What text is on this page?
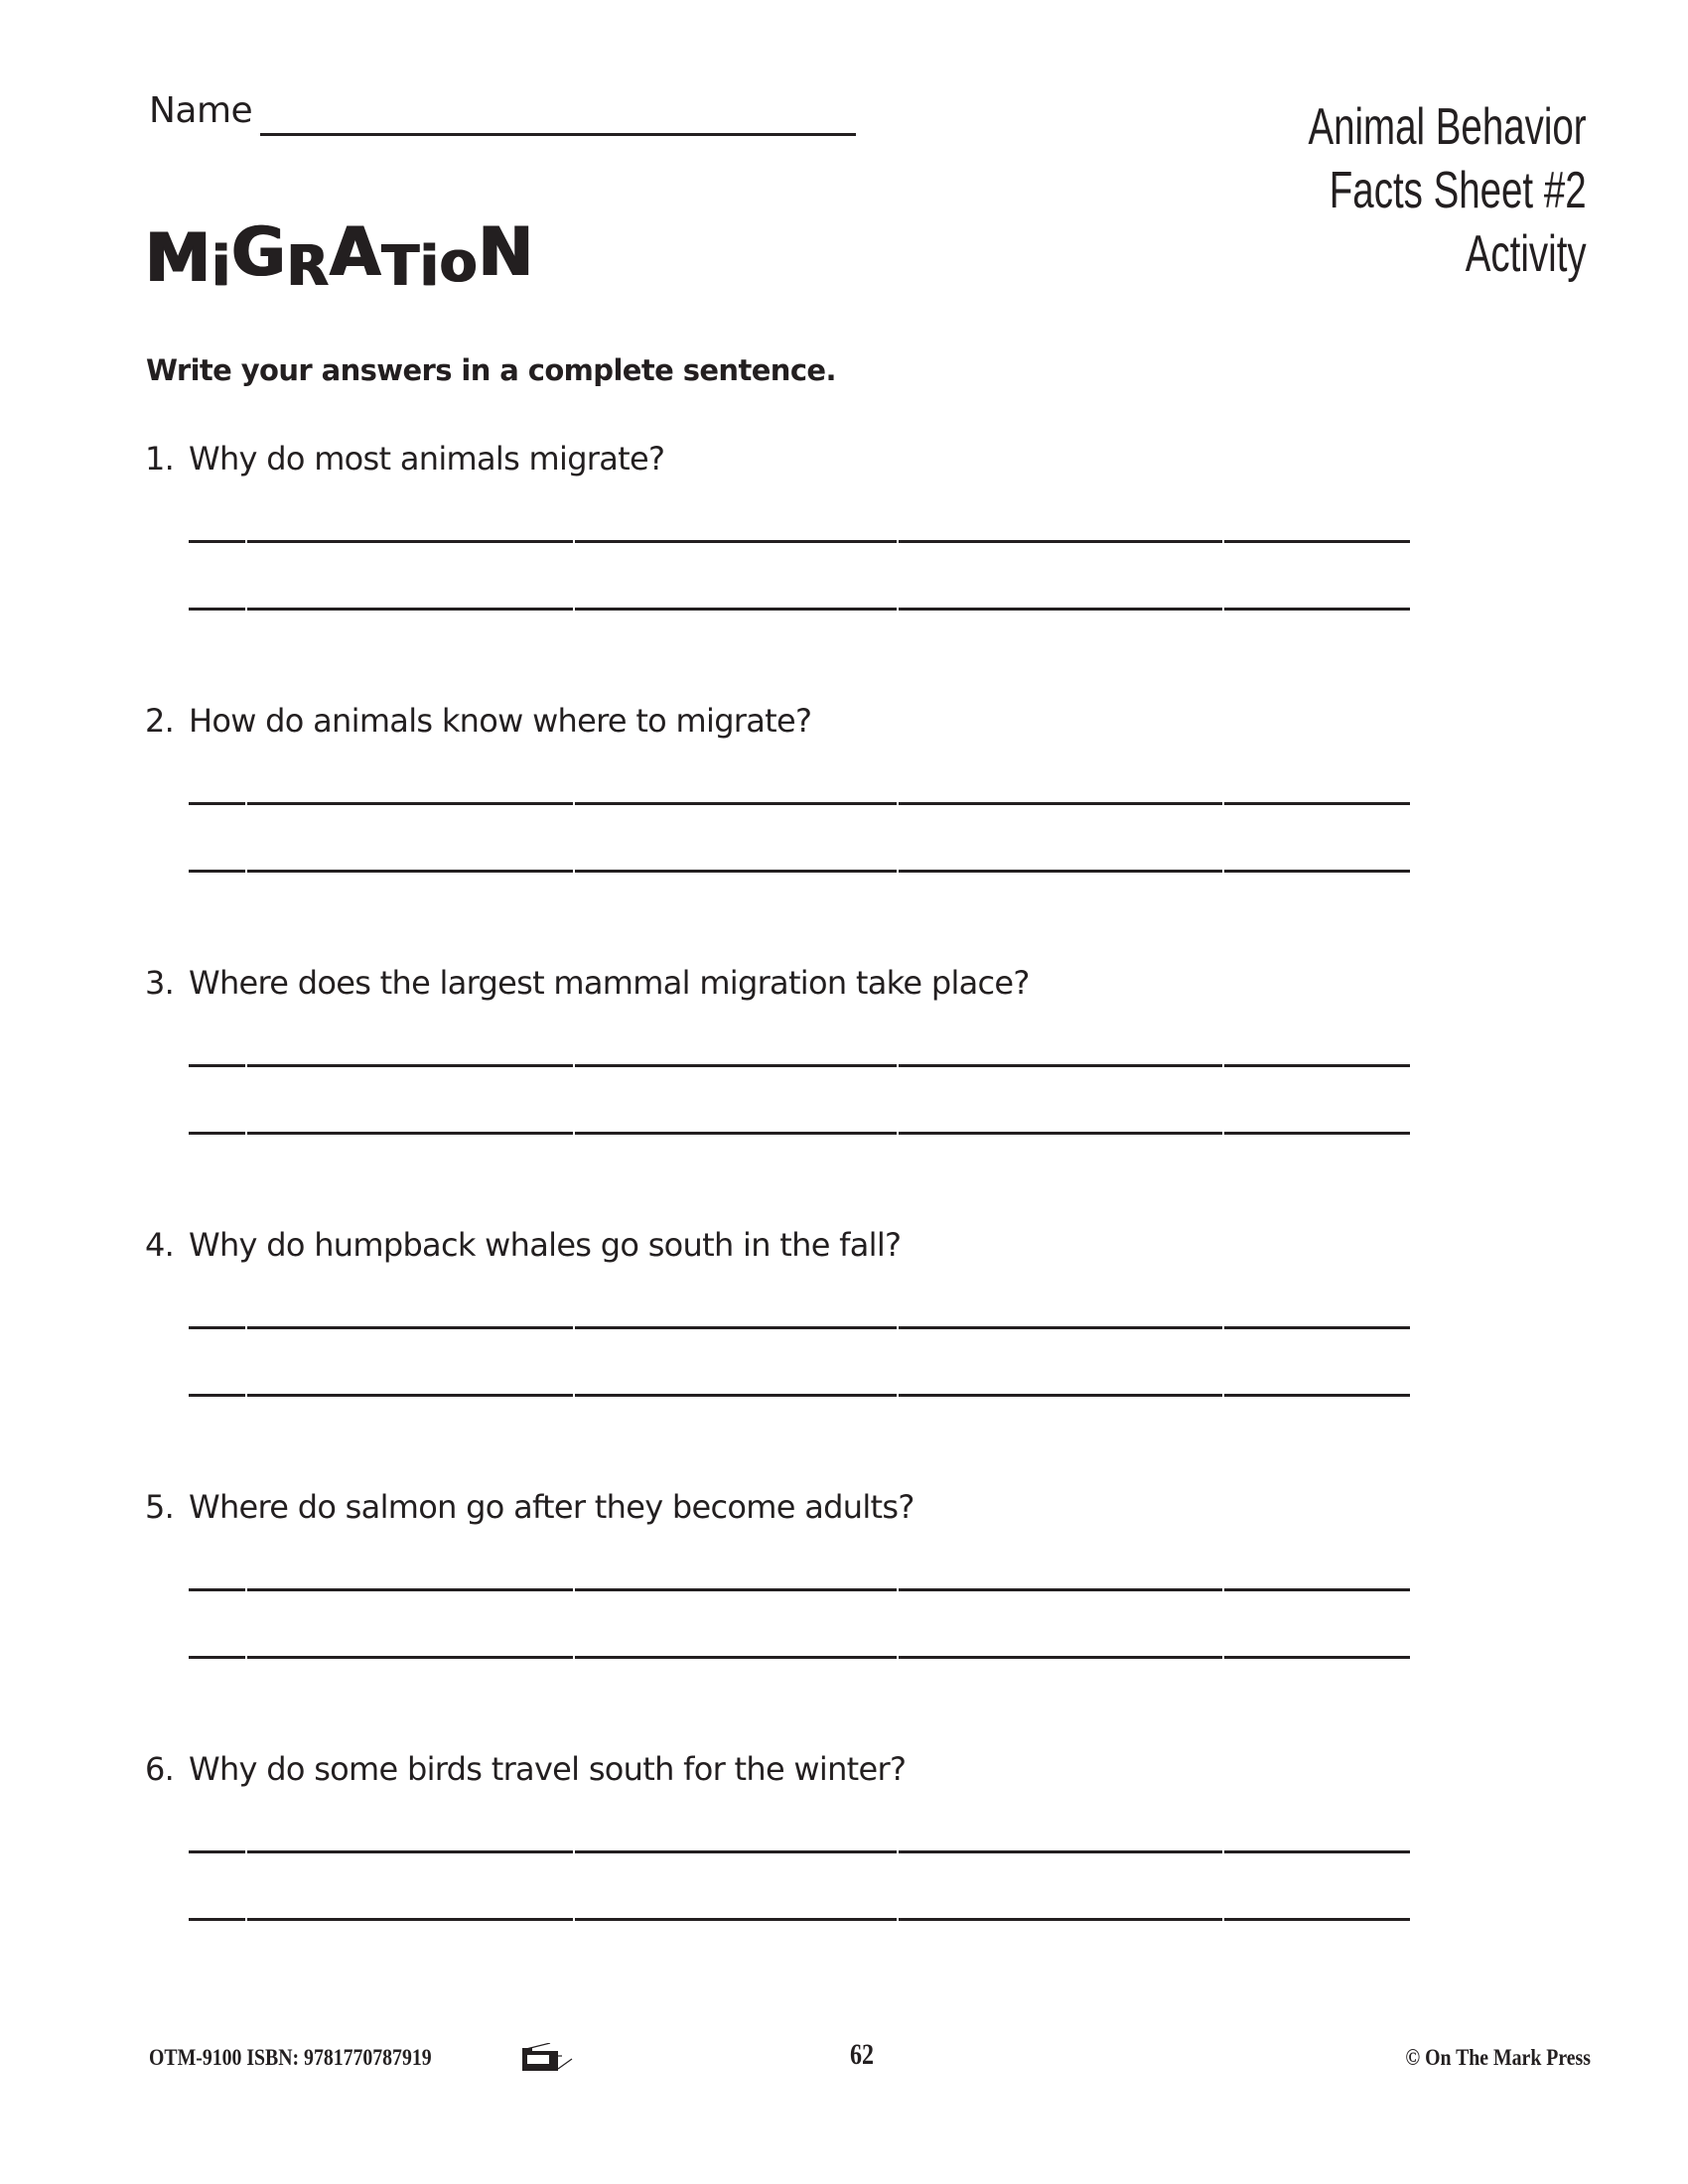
Name	Animal Behavior
Facts Sheet #2
Activity
MiGRATioN
Write your answers in a complete sentence.
1. Why do most animals migrate?
2. How do animals know where to migrate?
3. Where does the largest mammal migration take place?
4. Why do humpback whales go south in the fall?
5. Where do salmon go after they become adults?
6. Why do some birds travel south for the winter?
OTM-9100 ISBN: 9781770787919	62	© On The Mark Press
